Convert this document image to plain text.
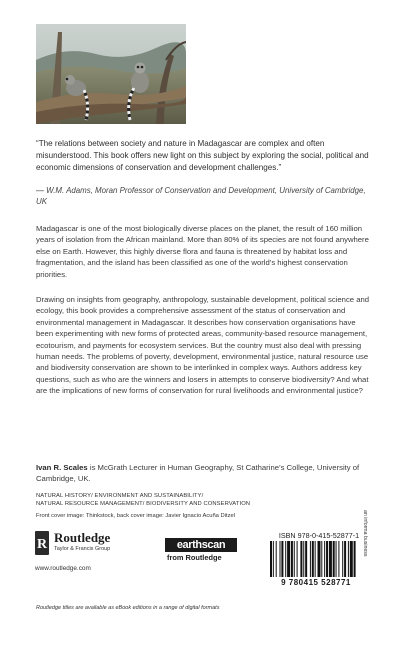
“The relations between society and nature in Madagascar are complex and often misunderstood. This book offers new light on this subject by exploring the social, political and economic dimensions of conservation and development challenges.”
— W.M. Adams, Moran Professor of Conservation and Development, University of Cambridge, UK
Madagascar is one of the most biologically diverse places on the planet, the result of 160 million years of isolation from the African mainland. More than 80% of its species are not found anywhere else on Earth. However, this highly diverse flora and fauna is threatened by habitat loss and fragmentation, and the island has been classified as one of the world’s highest conservation priorities.
Drawing on insights from geography, anthropology, sustainable development, political science and ecology, this book provides a comprehensive assessment of the status of conservation and environmental management in Madagascar. It describes how conservation organisations have been experimenting with new forms of protected areas, community-based resource management, ecotourism, and payments for ecosystem services. But the country must also deal with pressing human needs. The problems of poverty, development, environmental justice, natural resource use and biodiversity conservation are shown to be interlinked in complex ways. Authors address key questions, such as who are the winners and losers in attempts to conserve biodiversity? And what are the implications of new forms of conservation for rural livelihoods and environmental justice?
Ivan R. Scales is McGrath Lecturer in Human Geography, St Catharine’s College, University of Cambridge, UK.
NATURAL HISTORY/ ENVIRONMENT AND SUSTAINABILITY/
NATURAL RESOURCE MANAGEMENT/ BIODIVERSITY AND CONSERVATION
Front cover image: Thinkstock, back cover image: Javier Ignacio Acuña Ditzel
R Routledge
Taylor & Francis Group
www.routledge.com
earthscan
from Routledge
ISBN 978-0-415-52877-1
9 780415 528771
an informa business
Routledge titles are available as eBook editions in a range of digital formats
